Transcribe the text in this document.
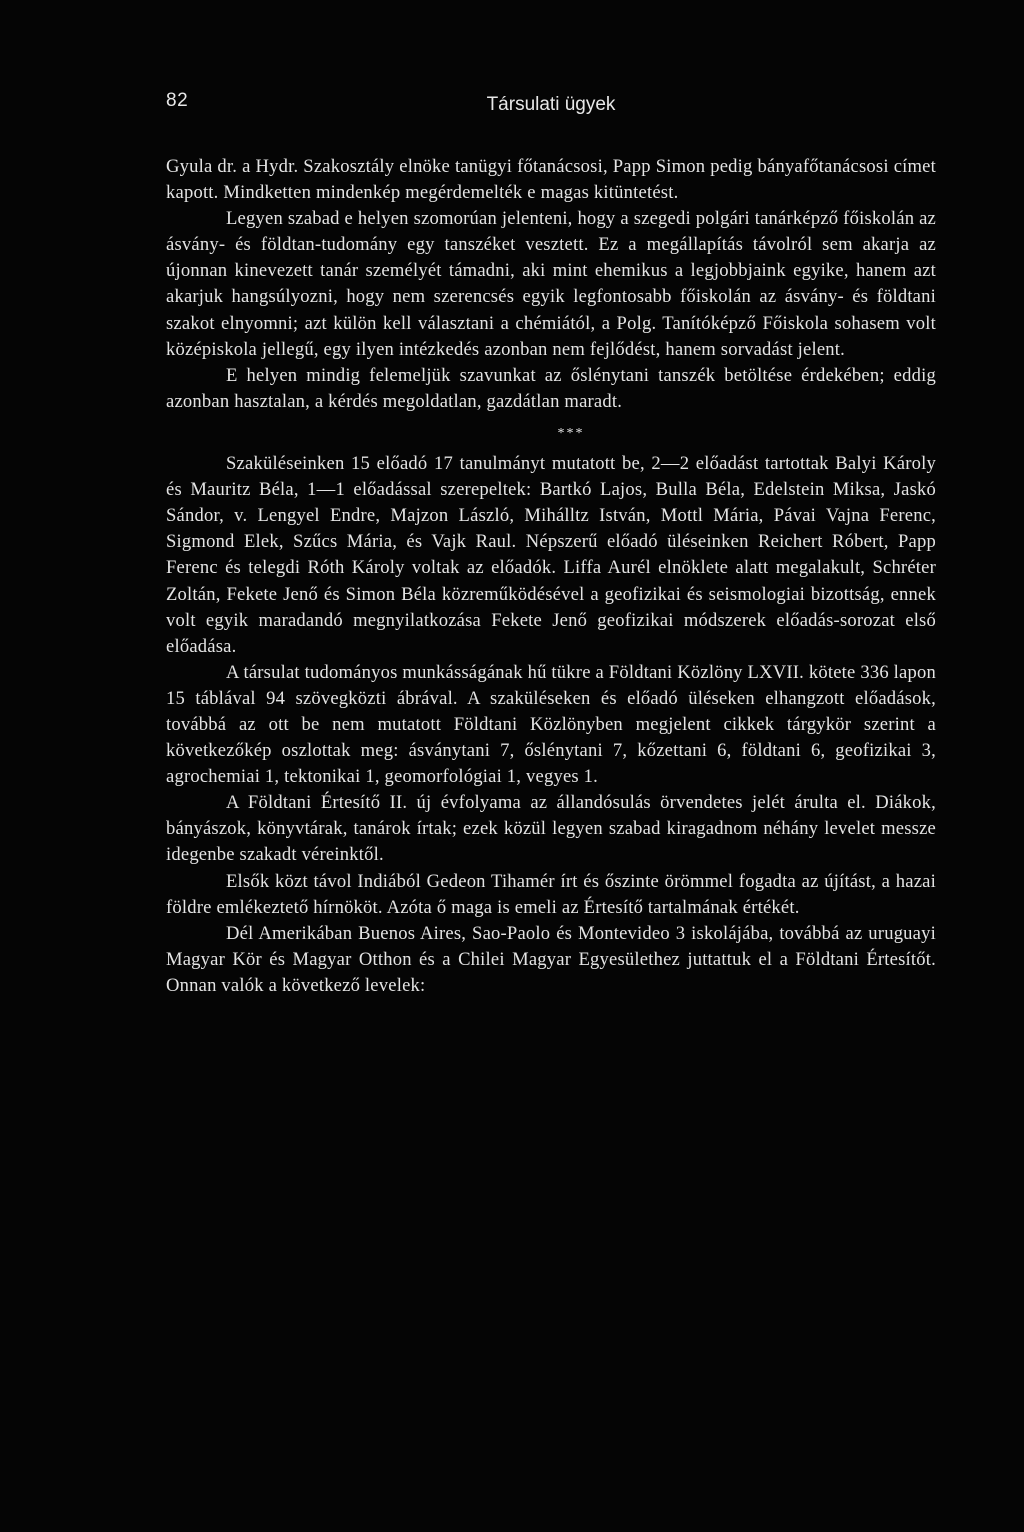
82	Társulati ügyek

Gyula dr. a Hydr. Szakosztály elnöke tanügyi főtanácsosi, Papp Simon pedig bányafőtanácsosi címet kapott. Mindketten mindenkép megérdemelték e magas kitüntetést.

Legyen szabad e helyen szomorúan jelenteni, hogy a szegedi polgári tanárképző főiskolán az ásvány- és földtan-tudomány egy tanszéket vesztett. Ez a megállapítás távolról sem akarja az újonnan kinevezett tanár személyét támadni, aki mint ehemikus a legjobbjaink egyike, hanem azt akarjuk hangsúlyozni, hogy nem szerencsés egyik legfontosabb főiskolán az ásvány- és földtani szakot elnyomni; azt külön kell választani a chémiától, a Polg. Tanítóképző Főiskola sohasem volt középiskola jellegű, egy ilyen intézkedés azonban nem fejlődést, hanem sorvadást jelent.

E helyen mindig felemeljük szavunkat az őslénytani tanszék betöltése érdekében; eddig azonban hasztalan, a kérdés megoldatlan, gazdátlan maradt.

***

Szaküléseinken 15 előadó 17 tanulmányt mutatott be, 2—2 előadást tartottak Balyi Károly és Mauritz Béla, 1—1 előadással szerepeltek: Bartkó Lajos, Bulla Béla, Edelstein Miksa, Jaskó Sándor, v. Lengyel Endre, Majzon László, Mihálltz István, Mottl Mária, Pávai Vajna Ferenc, Sigmond Elek, Szűcs Mária, és Vajk Raul. Népszerű előadó üléseinken Reichert Róbert, Papp Ferenc és telegdi Róth Károly voltak az előadók. Liffa Aurél elnöklete alatt megalakult, Schréter Zoltán, Fekete Jenő és Simon Béla közreműködésével a geofizikai és seismologiai bizottság, ennek volt egyik maradandó megnyilatkozása Fekete Jenő geofizikai módszerek előadás-sorozat első előadása.

A társulat tudományos munkásságának hű tükre a Földtani Közlöny LXVII. kötete 336 lapon 15 táblával 94 szövegközti ábrával. A szaküléseken és előadó üléseken elhangzott előadások, továbbá az ott be nem mutatott Földtani Közlönyben megjelent cikkek tárgykör szerint a következőkép oszlottak meg: ásványtani 7, őslénytani 7, kőzettani 6, földtani 6, geofizikai 3, agrochemiai 1, tektonikai 1, geomorfológiai 1, vegyes 1.

A Földtani Értesítő II. új évfolyama az állandósulás örvendetes jelét árulta el. Diákok, bányászok, könyvtárak, tanárok írtak; ezek közül legyen szabad kiragadnom néhány levelet messze idegenbe szakadt véreinktől.

Elsők közt távol Indiából Gedeon Tihamér írt és őszinte örömmel fogadta az újítást, a hazai földre emlékeztető hírnököt. Azóta ő maga is emeli az Értesítő tartalmának értékét.

Dél Amerikában Buenos Aires, Sao-Paolo és Montevideo 3 iskolájába, továbbá az uruguayi Magyar Kör és Magyar Otthon és a Chilei Magyar Egyesülethez juttattuk el a Földtani Értesítőt. Onnan valók a következő levelek:
